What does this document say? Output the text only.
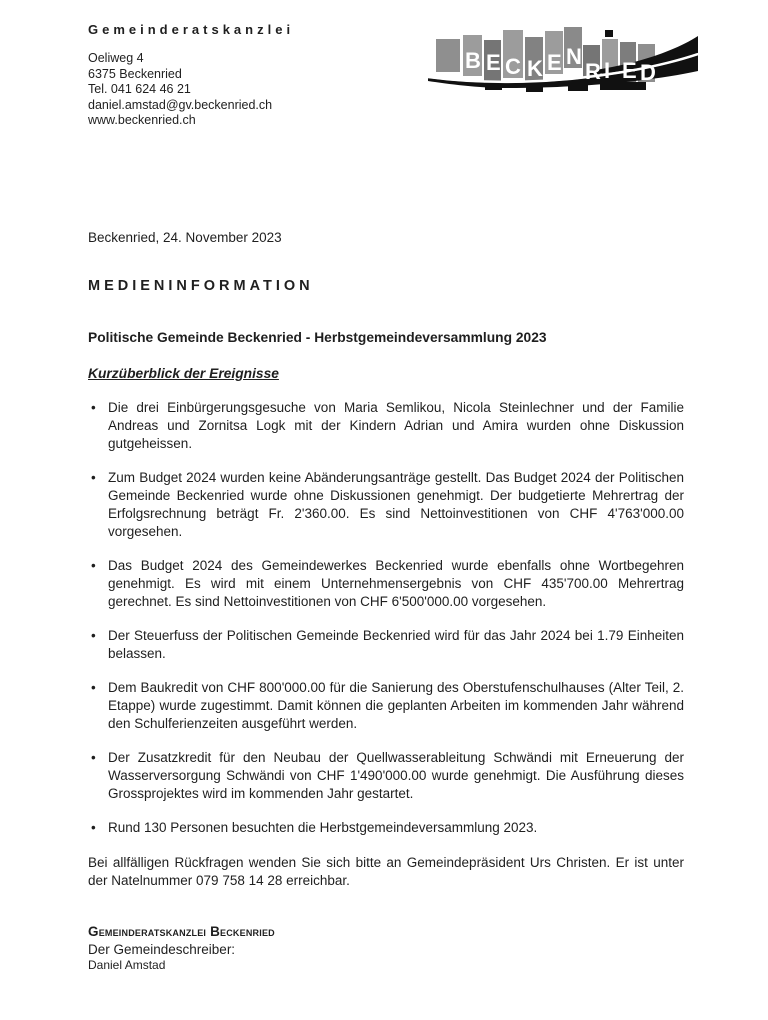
B E C K E N
R I E D
Gemeinderatskanzlei
Oeliweg 4
6375 Beckenried
Tel. 041 624 46 21
daniel.amstad@gv.beckenried.ch
www.beckenried.ch

Beckenried, 24. November 2023

MEDIENINFORMATION
Politische Gemeinde Beckenried - Herbstgemeindeversammlung 2023
Kurzüberblick der Ereignisse
• Die drei Einbürgerungsgesuche von Maria Semlikou, Nicola Steinlechner und der Familie Andreas und Zornitsa Logk mit der Kindern Adrian und Amira wurden ohne Diskussion gutgeheissen.
• Zum Budget 2024 wurden keine Abänderungsanträge gestellt. Das Budget 2024 der Politischen Gemeinde Beckenried wurde ohne Diskussionen genehmigt. Der budgetierte Mehrertrag der Erfolgsrechnung beträgt Fr. 2'360.00. Es sind Nettoinvestitionen von CHF 4'763'000.00 vorgesehen.
• Das Budget 2024 des Gemeindewerkes Beckenried wurde ebenfalls ohne Wortbegehren genehmigt. Es wird mit einem Unternehmensergebnis von CHF 435'700.00 Mehrertrag gerechnet. Es sind Nettoinvestitionen von CHF 6'500'000.00 vorgesehen.
• Der Steuerfuss der Politischen Gemeinde Beckenried wird für das Jahr 2024 bei 1.79 Einheiten belassen.
• Dem Baukredit von CHF 800'000.00 für die Sanierung des Oberstufenschulhauses (Alter Teil, 2. Etappe) wurde zugestimmt. Damit können die geplanten Arbeiten im kommenden Jahr während den Schulferienzeiten ausgeführt werden.
• Der Zusatzkredit für den Neubau der Quellwasserableitung Schwändi mit Erneuerung der Wasserversorgung Schwändi von CHF 1'490'000.00 wurde genehmigt. Die Ausführung dieses Grossprojektes wird im kommenden Jahr gestartet.
• Rund 130 Personen besuchten die Herbstgemeindeversammlung 2023.

Bei allfälligen Rückfragen wenden Sie sich bitte an Gemeindepräsident Urs Christen. Er ist unter der Natelnummer 079 758 14 28 erreichbar.

Gemeinderatskanzlei Beckenried
Der Gemeindeschreiber:
Daniel Amstad
